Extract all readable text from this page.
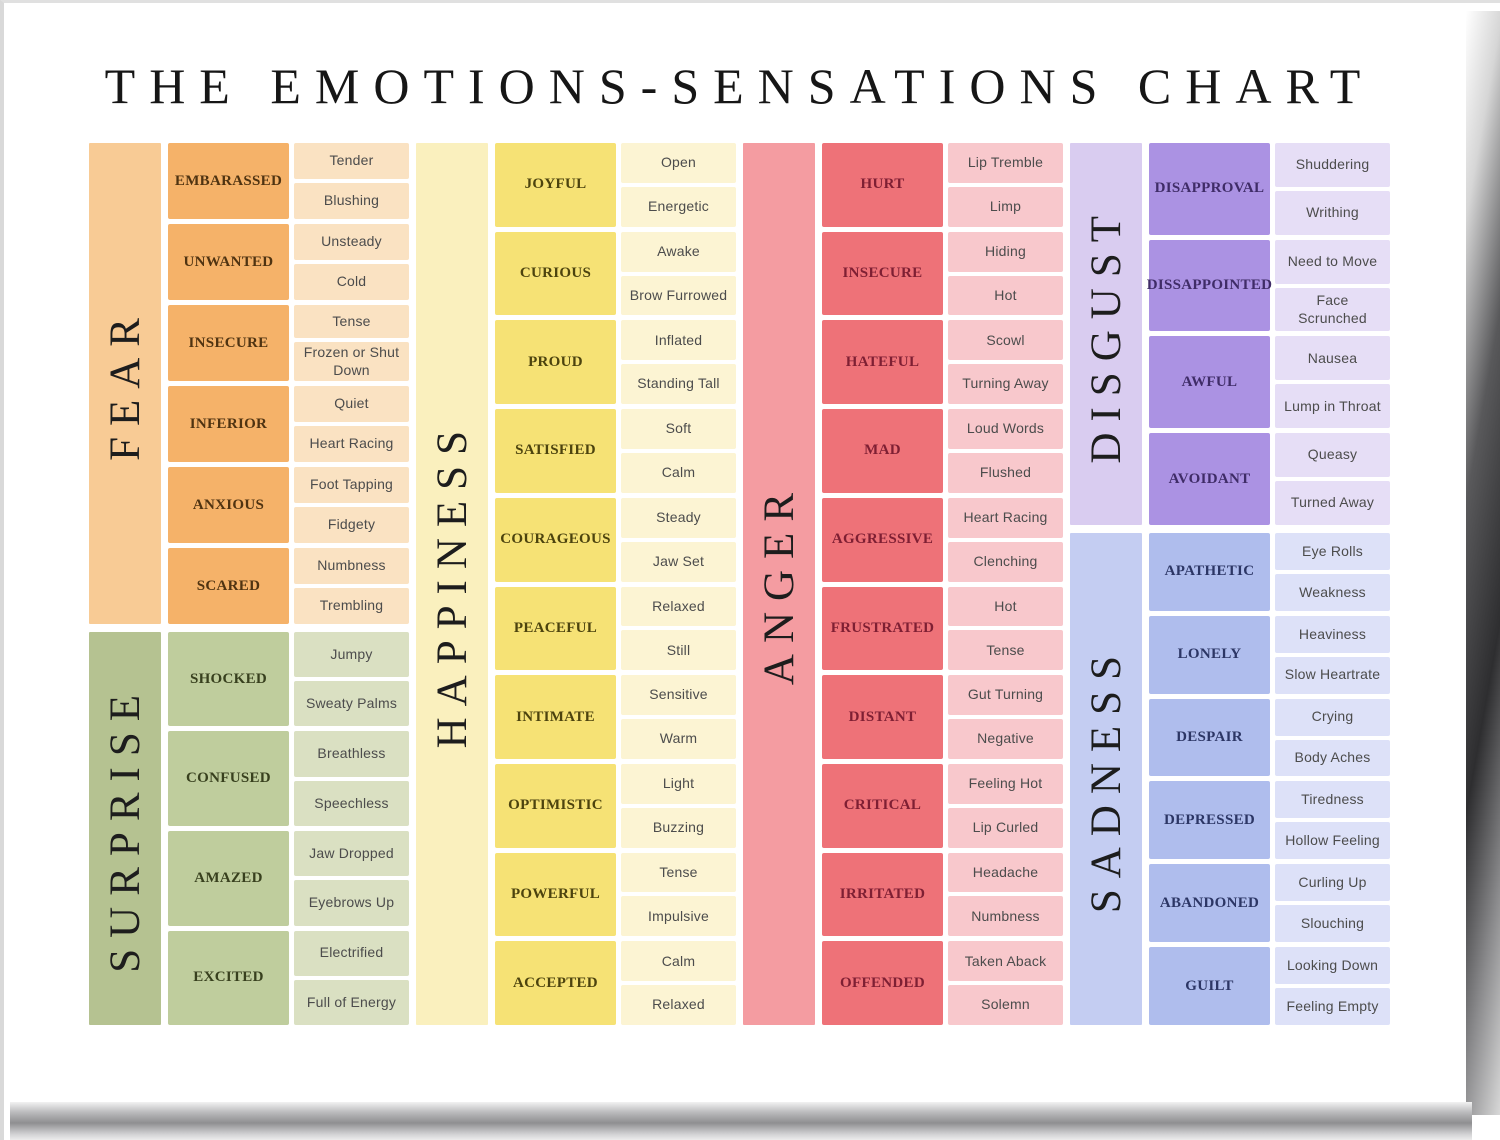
THE EMOTIONS-SENSATIONS CHART
FEAR
EMBARASSED
Tender
Blushing
UNWANTED
Unsteady
Cold
INSECURE
Tense
Frozen or Shut Down
INFERIOR
Quiet
Heart Racing
ANXIOUS
Foot Tapping
Fidgety
SCARED
Numbness
Trembling
SURPRISE
SHOCKED
Jumpy
Sweaty Palms
CONFUSED
Breathless
Speechless
AMAZED
Jaw Dropped
Eyebrows Up
EXCITED
Electrified
Full of Energy
HAPPINESS
JOYFUL
Open
Energetic
CURIOUS
Awake
Brow Furrowed
PROUD
Inflated
Standing Tall
SATISFIED
Soft
Calm
COURAGEOUS
Steady
Jaw Set
PEACEFUL
Relaxed
Still
INTIMATE
Sensitive
Warm
OPTIMISTIC
Light
Buzzing
POWERFUL
Tense
Impulsive
ACCEPTED
Calm
Relaxed
ANGER
HURT
Lip Tremble
Limp
INSECURE
Hiding
Hot
HATEFUL
Scowl
Turning Away
MAD
Loud Words
Flushed
AGGRESSIVE
Heart Racing
Clenching
FRUSTRATED
Hot
Tense
DISTANT
Gut Turning
Negative
CRITICAL
Feeling Hot
Lip Curled
IRRITATED
Headache
Numbness
OFFENDED
Taken Aback
Solemn
DISGUST
DISAPPROVAL
Shuddering
Writhing
DISSAPPOINTED
Need to Move
Face Scrunched
AWFUL
Nausea
Lump in Throat
AVOIDANT
Queasy
Turned Away
SADNESS
APATHETIC
Eye Rolls
Weakness
LONELY
Heaviness
Slow Heartrate
DESPAIR
Crying
Body Aches
DEPRESSED
Tiredness
Hollow Feeling
ABANDONED
Curling Up
Slouching
GUILT
Looking Down
Feeling Empty
